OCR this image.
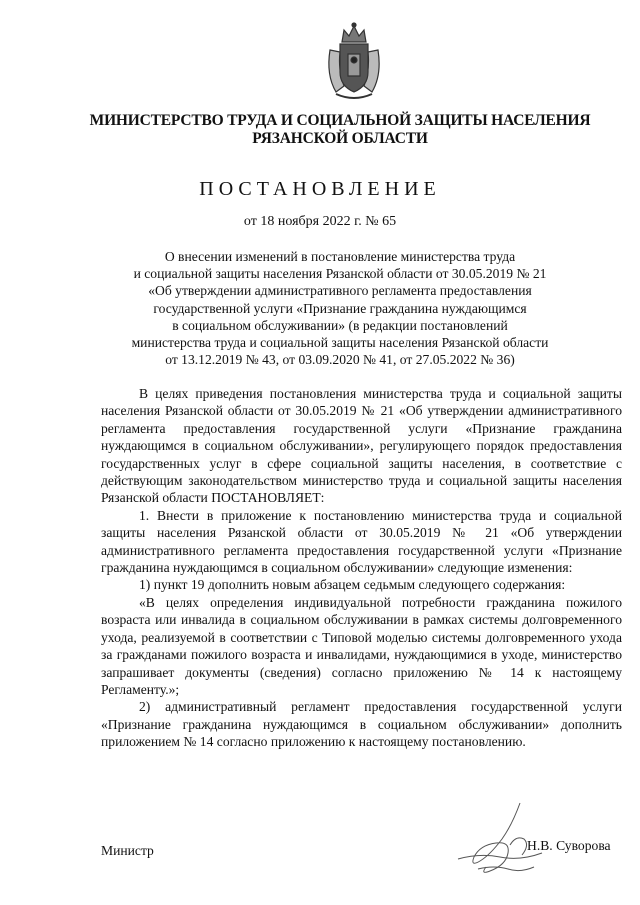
МИНИСТЕРСТВО ТРУДА И СОЦИАЛЬНОЙ ЗАЩИТЫ НАСЕЛЕНИЯ
РЯЗАНСКОЙ ОБЛАСТИ
ПОСТАНОВЛЕНИЕ
от 18 ноября 2022 г. № 65
О внесении изменений в постановление министерства труда
и социальной защиты населения Рязанской области от 30.05.2019 № 21
«Об утверждении административного регламента предоставления
государственной услуги «Признание гражданина нуждающимся
в социальном обслуживании» (в редакции постановлений
министерства труда и социальной защиты населения Рязанской области
от 13.12.2019 № 43, от 03.09.2020 № 41, от 27.05.2022 № 36)

В целях приведения постановления министерства труда и социальной защиты населения Рязанской области от 30.05.2019 № 21 «Об утверждении административного регламента предоставления государственной услуги «Признание гражданина нуждающимся в социальном обслуживании», регулирующего порядок предоставления государственных услуг в сфере социальной защиты населения, в соответствие с действующим законодательством министерство труда и социальной защиты населения Рязанской области ПОСТАНОВЛЯЕТ:

1. Внести в приложение к постановлению министерства труда и социальной защиты населения Рязанской области от 30.05.2019 № 21 «Об утверждении административного регламента предоставления государственной услуги «Признание гражданина нуждающимся в социальном обслуживании» следующие изменения:

1) пункт 19 дополнить новым абзацем седьмым следующего содержания:

«В целях определения индивидуальной потребности гражданина пожилого возраста или инвалида в социальном обслуживании в рамках системы долговременного ухода, реализуемой в соответствии с Типовой моделью системы долговременного ухода за гражданами пожилого возраста и инвалидами, нуждающимися в уходе, министерство запрашивает документы (сведения) согласно приложению № 14 к настоящему Регламенту.»;

2) административный регламент предоставления государственной услуги «Признание гражданина нуждающимся в социальном обслуживании» дополнить приложением № 14 согласно приложению к настоящему постановлению.

Министр	Н.В. Суворова
